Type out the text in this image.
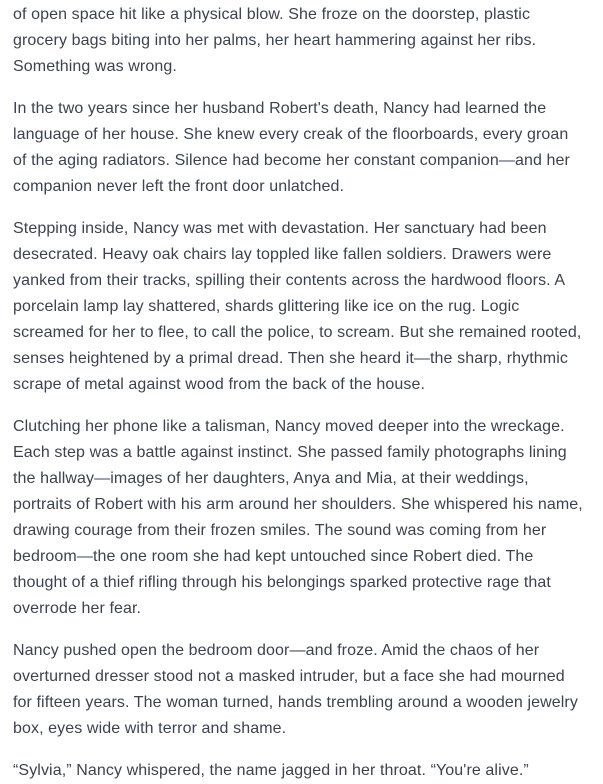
of open space hit like a physical blow. She froze on the doorstep, plastic grocery bags biting into her palms, her heart hammering against her ribs. Something was wrong.

In the two years since her husband Robert's death, Nancy had learned the language of her house. She knew every creak of the floorboards, every groan of the aging radiators. Silence had become her constant companion—and her companion never left the front door unlatched.

Stepping inside, Nancy was met with devastation. Her sanctuary had been desecrated. Heavy oak chairs lay toppled like fallen soldiers. Drawers were yanked from their tracks, spilling their contents across the hardwood floors. A porcelain lamp lay shattered, shards glittering like ice on the rug. Logic screamed for her to flee, to call the police, to scream. But she remained rooted, senses heightened by a primal dread. Then she heard it—the sharp, rhythmic scrape of metal against wood from the back of the house.

Clutching her phone like a talisman, Nancy moved deeper into the wreckage. Each step was a battle against instinct. She passed family photographs lining the hallway—images of her daughters, Anya and Mia, at their weddings, portraits of Robert with his arm around her shoulders. She whispered his name, drawing courage from their frozen smiles. The sound was coming from her bedroom—the one room she had kept untouched since Robert died. The thought of a thief rifling through his belongings sparked protective rage that overrode her fear.

Nancy pushed open the bedroom door—and froze. Amid the chaos of her overturned dresser stood not a masked intruder, but a face she had mourned for fifteen years. The woman turned, hands trembling around a wooden jewelry box, eyes wide with terror and shame.

“Sylvia,” Nancy whispered, the name jagged in her throat. “You're alive.”
